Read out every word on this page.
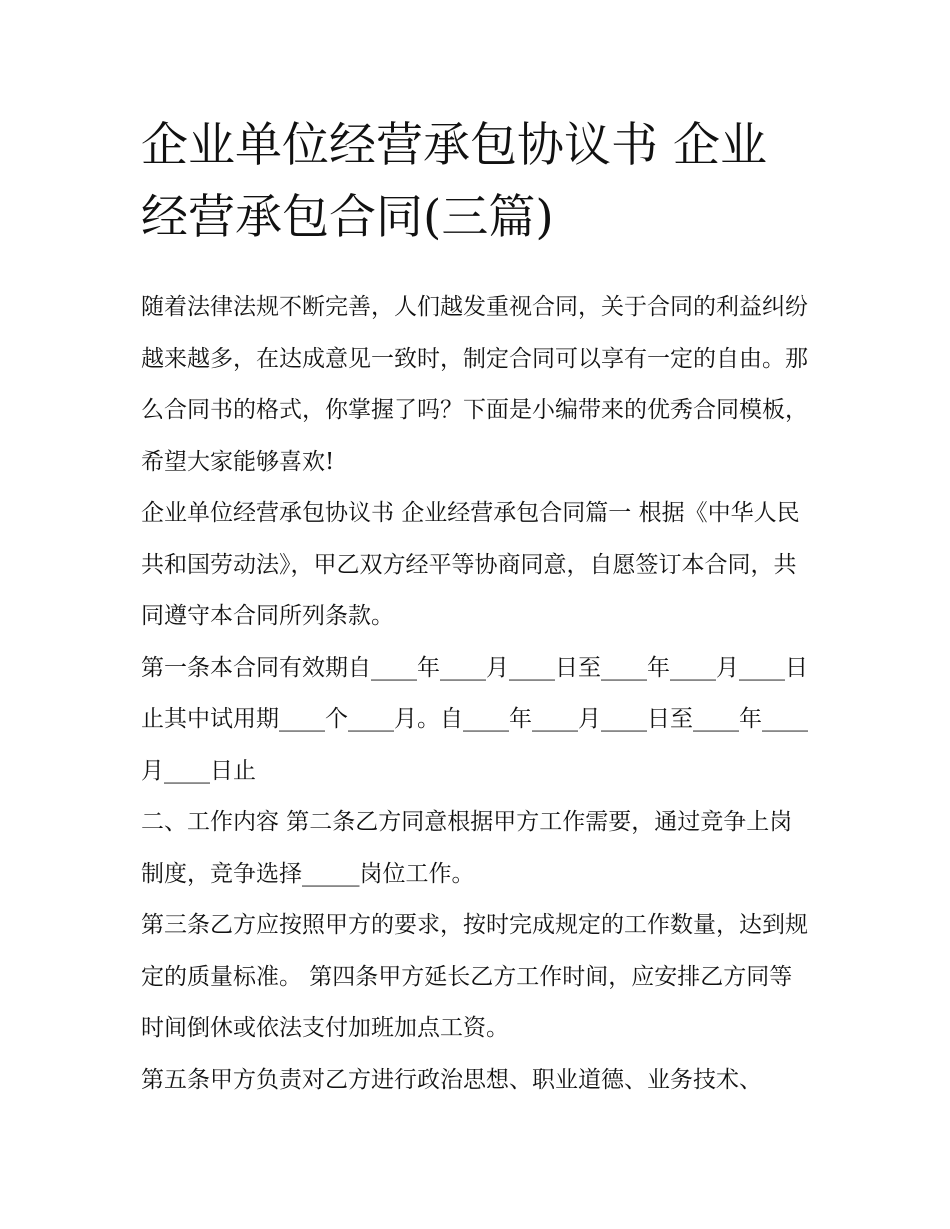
企业单位经营承包协议书 企业经营承包合同(三篇)

随着法律法规不断完善，人们越发重视合同，关于合同的利益纠纷越来越多，在达成意见一致时，制定合同可以享有一定的自由。那么合同书的格式，你掌握了吗？下面是小编带来的优秀合同模板，希望大家能够喜欢!

企业单位经营承包协议书 企业经营承包合同篇一 根据《中华人民共和国劳动法》，甲乙双方经平等协商同意，自愿签订本合同，共同遵守本合同所列条款。

第一条本合同有效期自____年____月____日至____年____月____日止其中试用期____个____月。自____年____月____日至____年____月____日止

二、工作内容 第二条乙方同意根据甲方工作需要，通过竞争上岗制度，竞争选择_____岗位工作。

第三条乙方应按照甲方的要求，按时完成规定的工作数量，达到规定的质量标准。 第四条甲方延长乙方工作时间，应安排乙方同等时间倒休或依法支付加班加点工资。

第五条甲方负责对乙方进行政治思想、职业道德、业务技术、
